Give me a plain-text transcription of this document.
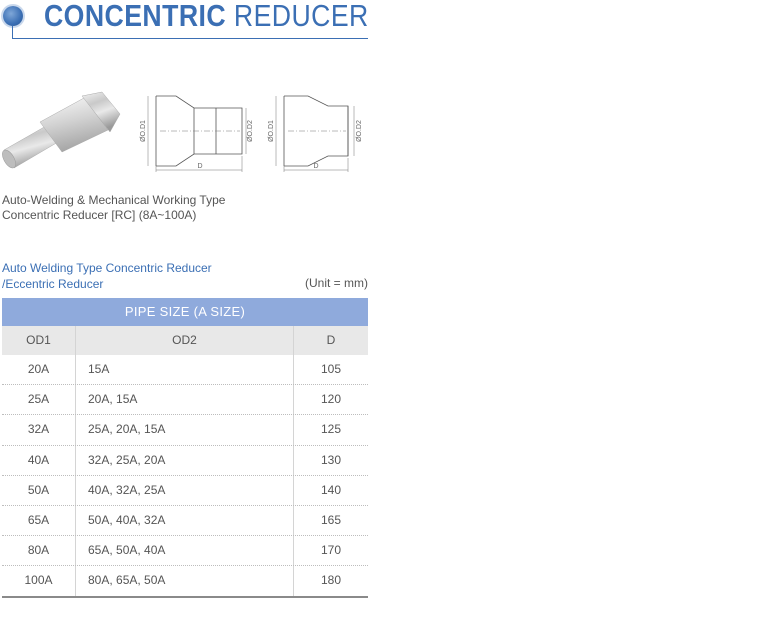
CONCENTRIC REDUCER
ØO.D1	ØO.D2
D
ØO.D1	ØO.D2
D
Auto-Welding & Mechanical Working Type
Concentric Reducer [RC] (8A~100A)
Auto Welding Type Concentric Reducer
/Eccentric Reducer	(Unit = mm)
PIPE SIZE (A SIZE)
OD1	OD2	D
20A	15A	105
25A	20A, 15A	120
32A	25A, 20A, 15A	125
40A	32A, 25A, 20A	130
50A	40A, 32A, 25A	140
65A	50A, 40A, 32A	165
80A	65A, 50A, 40A	170
100A	80A, 65A, 50A	180
